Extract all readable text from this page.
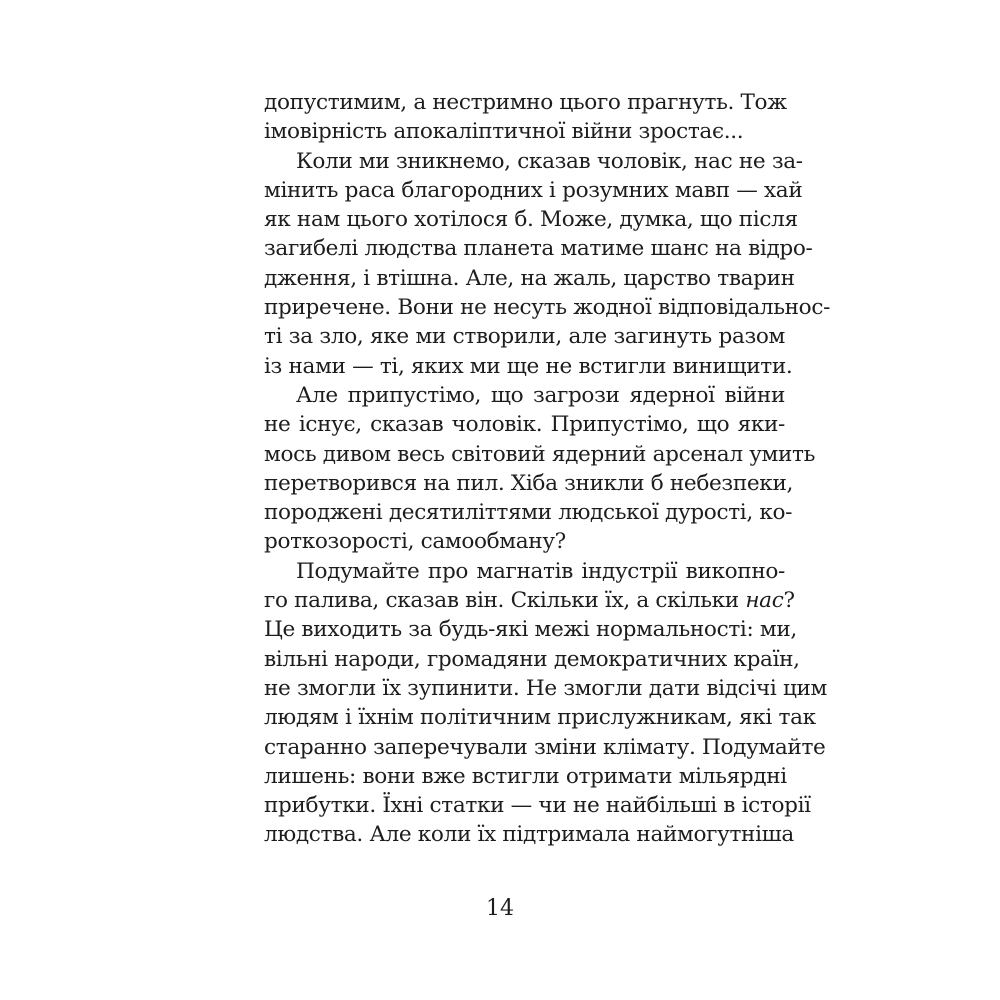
допустимим, а нестримно цього прагнуть. Тож
імовірність апокаліптичної війни зростає...
Коли ми зникнемо, сказав чоловік, нас не за-
мінить раса благородних і розумних мавп — хай
як нам цього хотілося б. Може, думка, що після
загибелі людства планета матиме шанс на відро-
дження, і втішна. Але, на жаль, царство тварин
приречене. Вони не несуть жодної відповідальнос-
ті за зло, яке ми створили, але загинуть разом
із нами — ті, яких ми ще не встигли винищити.
Але припустімо, що загрози ядерної війни
не існує, сказав чоловік. Припустімо, що яки-
мось дивом весь світовий ядерний арсенал умить
перетворився на пил. Хіба зникли б небезпеки,
породжені десятиліттями людської дурості, ко-
роткозорості, самообману?
Подумайте про магнатів індустрії викопно-
го палива, сказав він. Скільки їх, а скільки нас?
Це виходить за будь-які межі нормальності: ми,
вільні народи, громадяни демократичних країн,
не змогли їх зупинити. Не змогли дати відсічі цим
людям і їхнім політичним прислужникам, які так
старанно заперечували зміни клімату. Подумайте
лишень: вони вже встигли отримати мільярдні
прибутки. Їхні статки — чи не найбільші в історії
людства. Але коли їх підтримала наймогутніша
14
